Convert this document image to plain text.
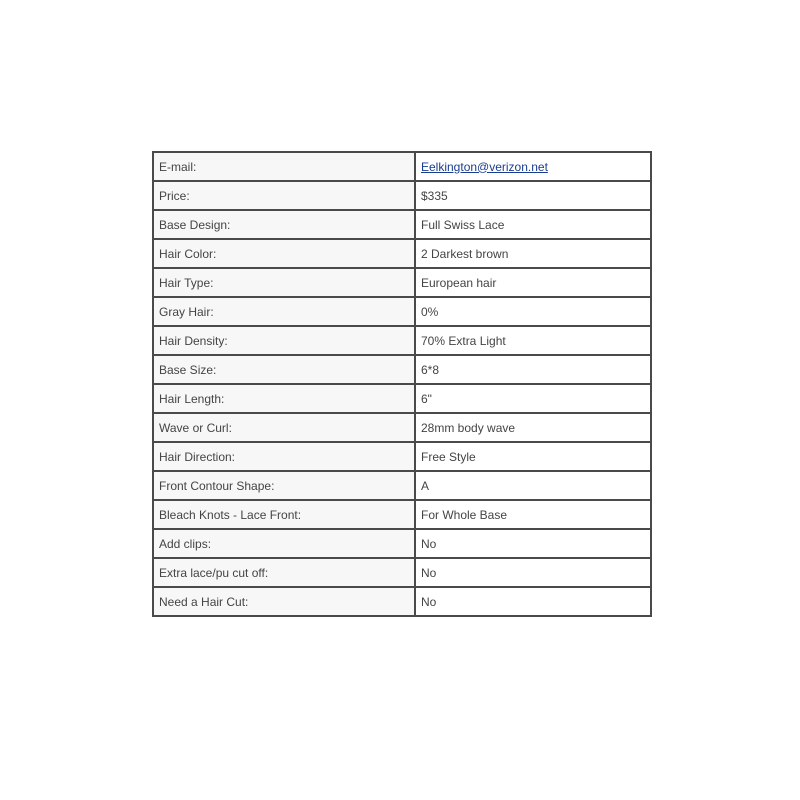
E-mail:	Eelkington@verizon.net
Price:	$335
Base Design:	Full Swiss Lace
Hair Color:	2 Darkest brown
Hair Type:	European hair
Gray Hair:	0%
Hair Density:	70% Extra Light
Base Size:	6*8
Hair Length:	6"
Wave or Curl:	28mm body wave
Hair Direction:	Free Style
Front Contour Shape:	A
Bleach Knots - Lace Front:	For Whole Base
Add clips:	No
Extra lace/pu cut off:	No
Need a Hair Cut:	No
